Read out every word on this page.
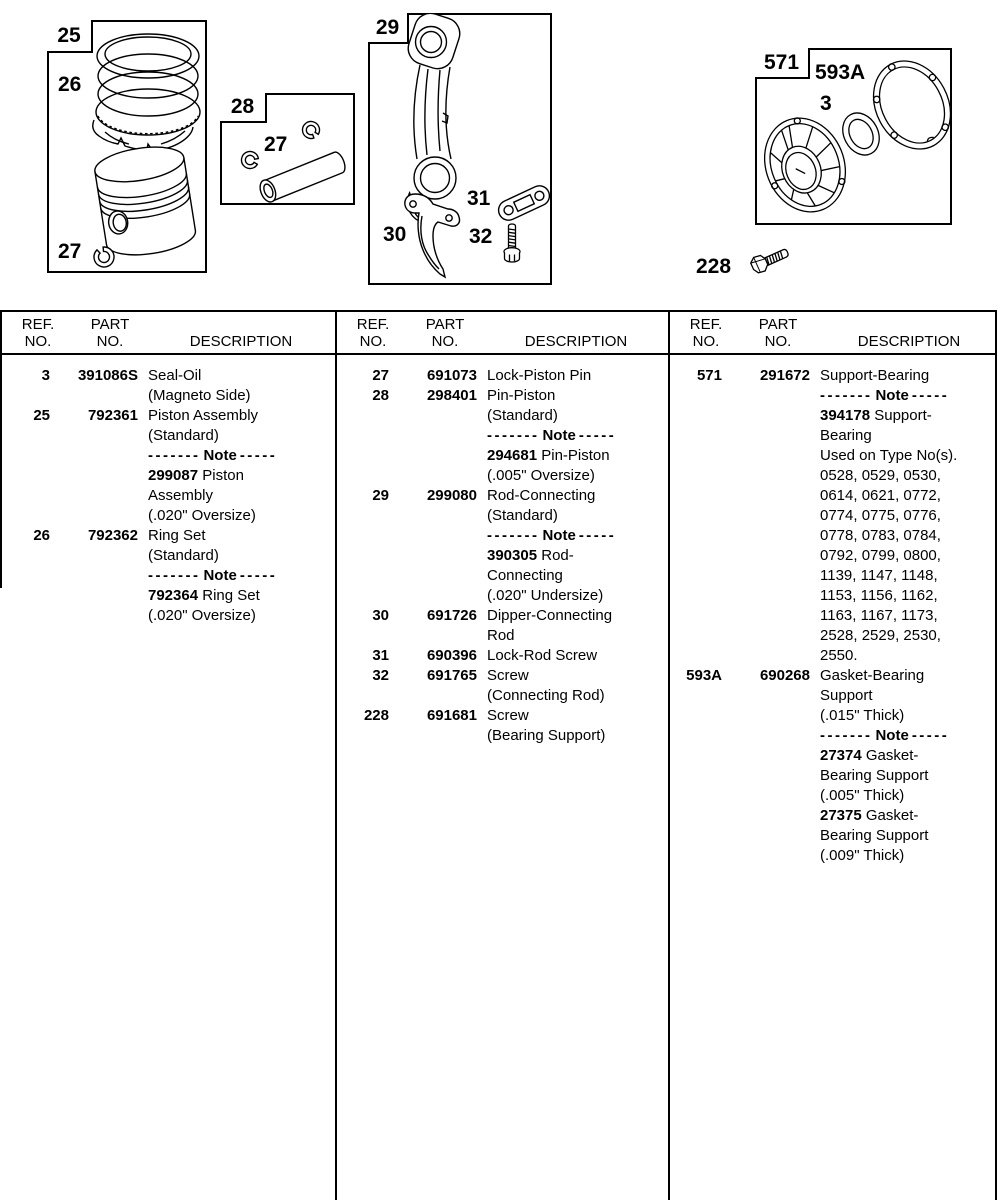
25
26
27
28
27
29
30
31
32
571 593A
3
228
REF.
NO.
PART
NO.	DESCRIPTION
REF.
NO.
PART
NO.	DESCRIPTION
REF.
NO.
PART
NO.	DESCRIPTION
3	391086S Seal-Oil
(Magneto Side)
25	792361 Piston Assembly
(Standard)
------- Note -----
299087 Piston
Assembly
(.020" Oversize)
26	792362 Ring Set
(Standard)
------- Note -----
792364 Ring Set
(.020" Oversize)
27	691073 Lock-Piston Pin
28	298401 Pin-Piston
(Standard)
------- Note -----
294681 Pin-Piston
(.005" Oversize)
29	299080 Rod-Connecting
(Standard)
------- Note -----
390305 Rod-
Connecting
(.020" Undersize)
30	691726 Dipper-Connecting
Rod
31	690396 Lock-Rod Screw
32	691765 Screw
(Connecting Rod)
228	691681 Screw
(Bearing Support)
571	291672 Support-Bearing
------- Note -----
394178 Support-
Bearing
Used on Type No(s).
0528, 0529, 0530,
0614, 0621, 0772,
0774, 0775, 0776,
0778, 0783, 0784,
0792, 0799, 0800,
1139, 1147, 1148,
1153, 1156, 1162,
1163, 1167, 1173,
2528, 2529, 2530,
2550.
593A	690268 Gasket-Bearing
Support
(.015" Thick)
------- Note -----
27374 Gasket-
Bearing Support
(.005" Thick)
27375 Gasket-
Bearing Support
(.009" Thick)
